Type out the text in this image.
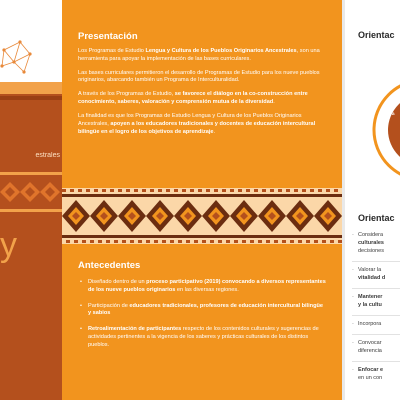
estrales
y
Presentación

Los Programas de Estudio Lengua y Cultura de los Pueblos Originarios Ancestrales, son una herramienta para apoyar la implementación de las bases curriculares.

Las bases curriculares permitieron el desarrollo de Programas de Estudio para los nueve pueblos originarios, abarcando también un Programa de Interculturalidad.

A través de los Programas de Estudio, se favorece el diálogo en la co-construcción entre conocimiento, saberes, valoración y comprensión mutua de la diversidad.

La finalidad es que los Programas de Estudio Lengua y Cultura de los Pueblos Originarios Ancestrales, apoyen a los educadores tradicionales y docentes de educación intercultural bilingüe en el logro de los objetivos de aprendizaje.

Antecedentes
• Diseñado dentro de un proceso participativo (2019) convocando a diversos representantes de los nueve pueblos originarios en las diversas regiones.
• Participación de educadores tradicionales, profesores de educación intercultural bilingüe y sabios
• Retroalimentación de participantes respecto de los contenidos culturales y sugerencias de actividades pertinentes a la vigencia de los saberes y prácticas culturales de los distintos pueblos.
Orientac
Pa
Orientac
- Considera
culturales
decisiones
- Valorar la
vitalidad d
- Mantener
y la cultu
- Incorpora
- Convocar
diferencia
- Enfocar e
en un con
